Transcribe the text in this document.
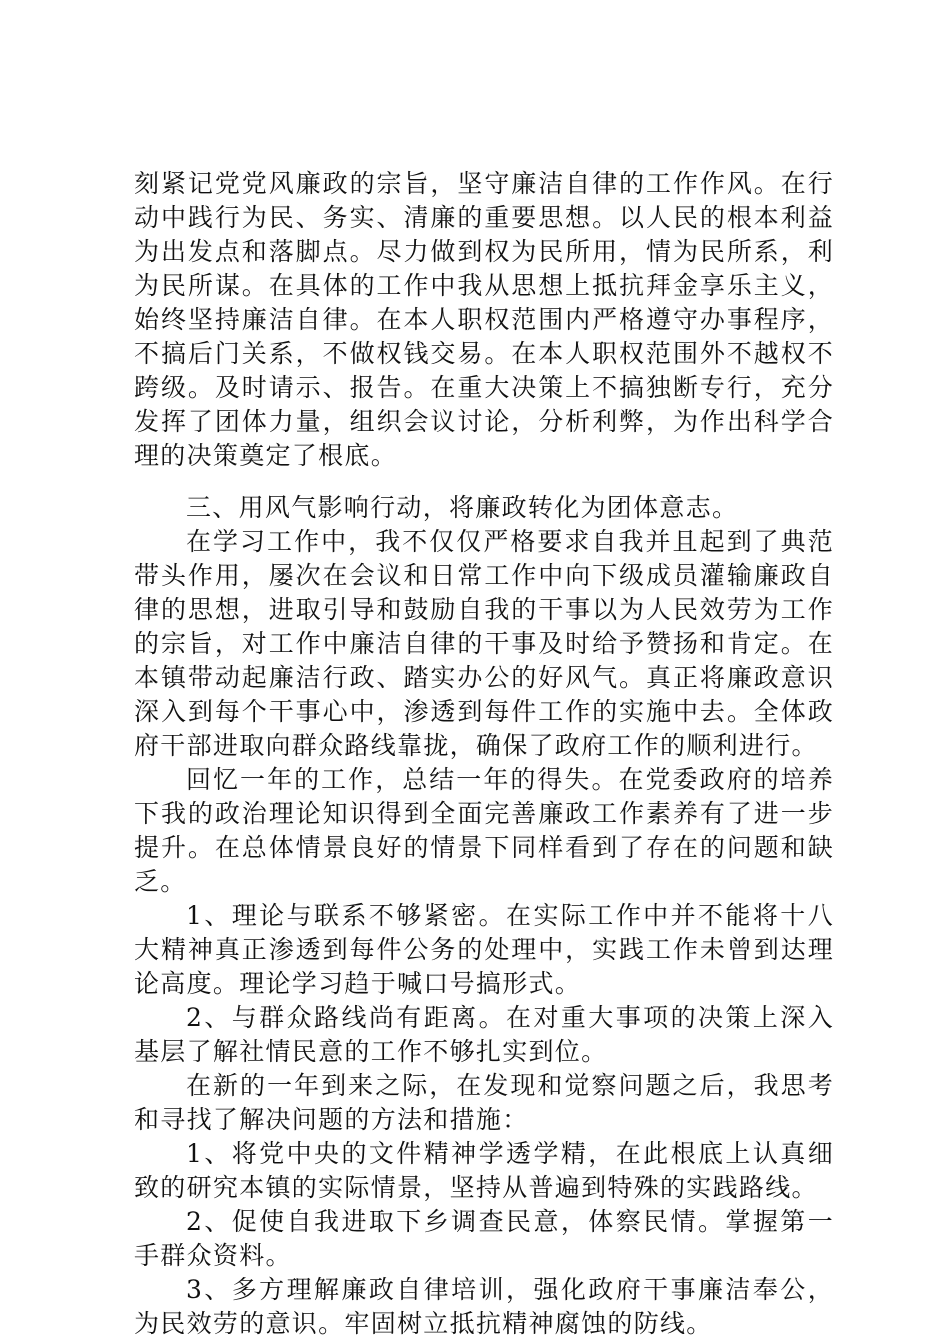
刻紧记党党风廉政的宗旨，坚守廉洁自律的工作作风。在行动中践行为民、务实、清廉的重要思想。以人民的根本利益为出发点和落脚点。尽力做到权为民所用，情为民所系，利为民所谋。在具体的工作中我从思想上抵抗拜金享乐主义，始终坚持廉洁自律。在本人职权范围内严格遵守办事程序，不搞后门关系，不做权钱交易。在本人职权范围外不越权不跨级。及时请示、报告。在重大决策上不搞独断专行，充分发挥了团体力量，组织会议讨论，分析利弊，为作出科学合理的决策奠定了根底。

三、用风气影响行动，将廉政转化为团体意志。

在学习工作中，我不仅仅严格要求自我并且起到了典范带头作用，屡次在会议和日常工作中向下级成员灌输廉政自律的思想，进取引导和鼓励自我的干事以为人民效劳为工作的宗旨，对工作中廉洁自律的干事及时给予赞扬和肯定。在本镇带动起廉洁行政、踏实办公的好风气。真正将廉政意识深入到每个干事心中，渗透到每件工作的实施中去。全体政府干部进取向群众路线靠拢，确保了政府工作的顺利进行。

回忆一年的工作，总结一年的得失。在党委政府的培养下我的政治理论知识得到全面完善廉政工作素养有了进一步提升。在总体情景良好的情景下同样看到了存在的问题和缺乏。

1、理论与联系不够紧密。在实际工作中并不能将十八大精神真正渗透到每件公务的处理中，实践工作未曾到达理论高度。理论学习趋于喊口号搞形式。

2、与群众路线尚有距离。在对重大事项的决策上深入基层了解社情民意的工作不够扎实到位。

在新的一年到来之际，在发现和觉察问题之后，我思考和寻找了解决问题的方法和措施：

1、将党中央的文件精神学透学精，在此根底上认真细致的研究本镇的实际情景，坚持从普遍到特殊的实践路线。

2、促使自我进取下乡调查民意，体察民情。掌握第一手群众资料。

3、多方理解廉政自律培训，强化政府干事廉洁奉公，为民效劳的意识。牢固树立抵抗精神腐蚀的防线。
